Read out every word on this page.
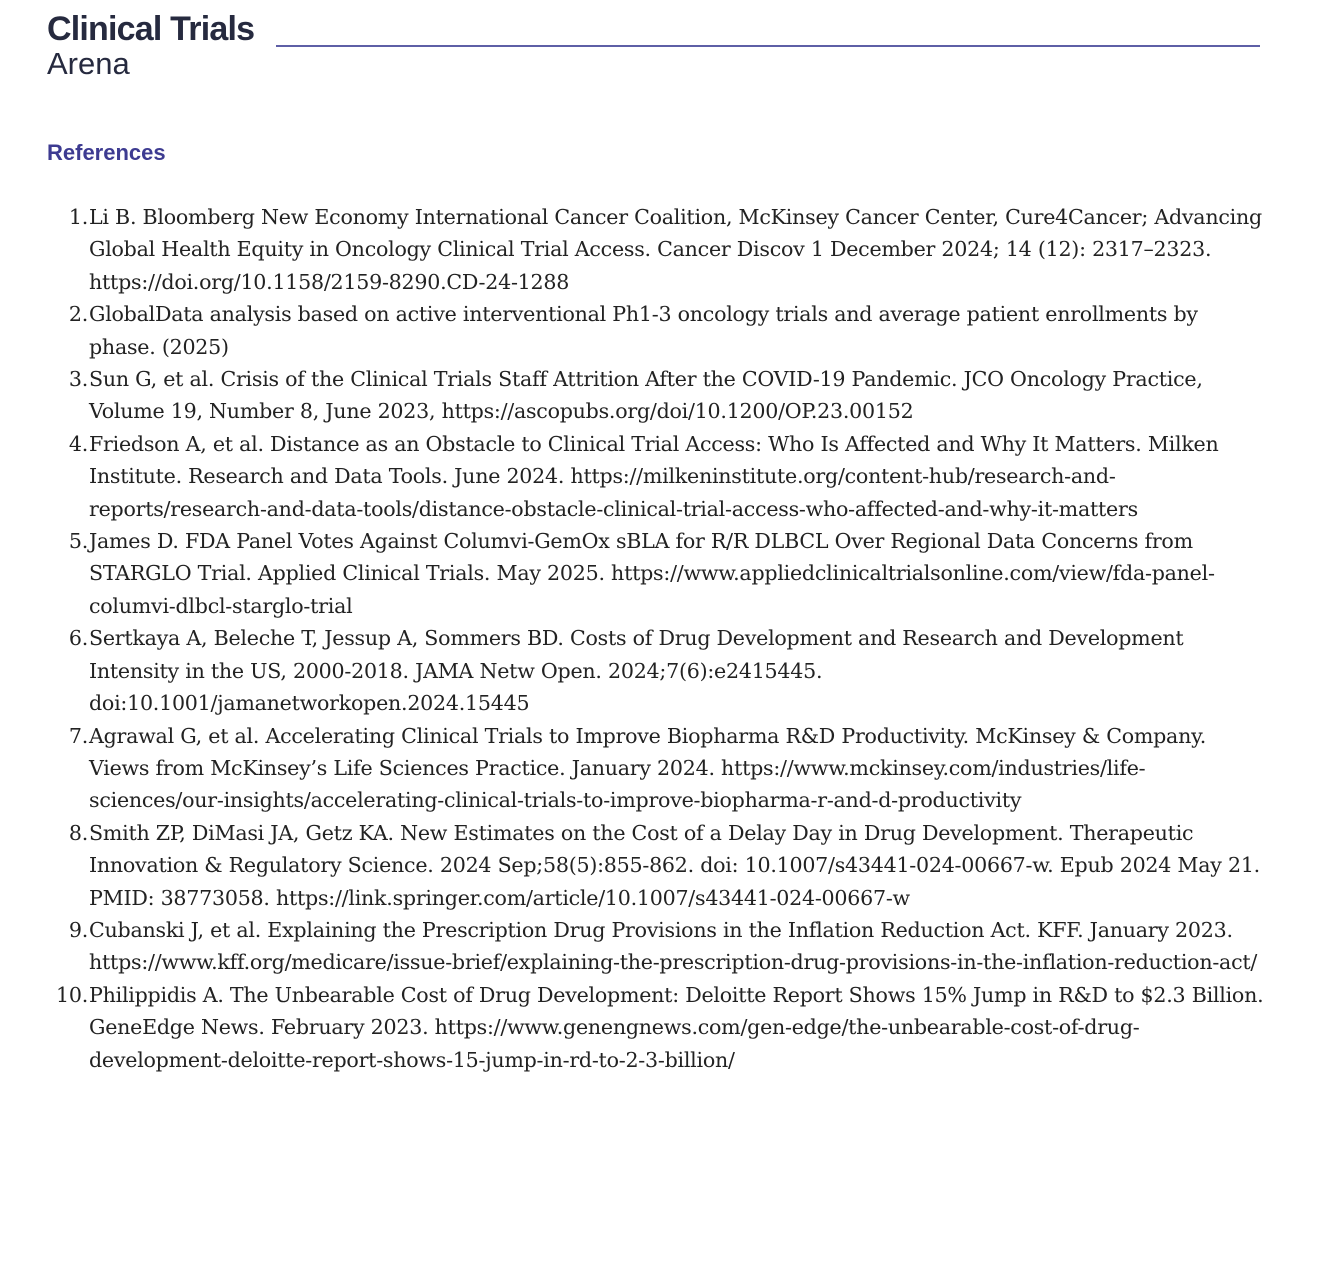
Clinical Trials
Arena
References
1. Li B. Bloomberg New Economy International Cancer Coalition, McKinsey Cancer Center, Cure4Cancer; Advancing Global Health Equity in Oncology Clinical Trial Access. Cancer Discov 1 December 2024; 14 (12): 2317–2323. https://doi.org/10.1158/2159-8290.CD-24-1288
2. GlobalData analysis based on active interventional Ph1-3 oncology trials and average patient enrollments by phase. (2025)
3. Sun G, et al. Crisis of the Clinical Trials Staff Attrition After the COVID-19 Pandemic. JCO Oncology Practice, Volume 19, Number 8, June 2023, https://ascopubs.org/doi/10.1200/OP.23.00152
4. Friedson A, et al. Distance as an Obstacle to Clinical Trial Access: Who Is Affected and Why It Matters. Milken Institute. Research and Data Tools. June 2024. https://milkeninstitute.org/content-hub/research-and-reports/research-and-data-tools/distance-obstacle-clinical-trial-access-who-affected-and-why-it-matters
5. James D. FDA Panel Votes Against Columvi-GemOx sBLA for R/R DLBCL Over Regional Data Concerns from STARGLO Trial. Applied Clinical Trials. May 2025. https://www.appliedclinicaltrialsonline.com/view/fda-panel-columvi-dlbcl-starglo-trial
6. Sertkaya A, Beleche T, Jessup A, Sommers BD. Costs of Drug Development and Research and Development Intensity in the US, 2000-2018. JAMA Netw Open. 2024;7(6):e2415445. doi:10.1001/jamanetworkopen.2024.15445
7. Agrawal G, et al. Accelerating Clinical Trials to Improve Biopharma R&D Productivity. McKinsey & Company. Views from McKinsey’s Life Sciences Practice. January 2024. https://www.mckinsey.com/industries/life-sciences/our-insights/accelerating-clinical-trials-to-improve-biopharma-r-and-d-productivity
8. Smith ZP, DiMasi JA, Getz KA. New Estimates on the Cost of a Delay Day in Drug Development. Therapeutic Innovation & Regulatory Science. 2024 Sep;58(5):855-862. doi: 10.1007/s43441-024-00667-w. Epub 2024 May 21. PMID: 38773058. https://link.springer.com/article/10.1007/s43441-024-00667-w
9. Cubanski J, et al. Explaining the Prescription Drug Provisions in the Inflation Reduction Act. KFF. January 2023. https://www.kff.org/medicare/issue-brief/explaining-the-prescription-drug-provisions-in-the-inflation-reduction-act/
10. Philippidis A. The Unbearable Cost of Drug Development: Deloitte Report Shows 15% Jump in R&D to $2.3 Billion. GeneEdge News. February 2023. https://www.genengnews.com/gen-edge/the-unbearable-cost-of-drug-development-deloitte-report-shows-15-jump-in-rd-to-2-3-billion/
